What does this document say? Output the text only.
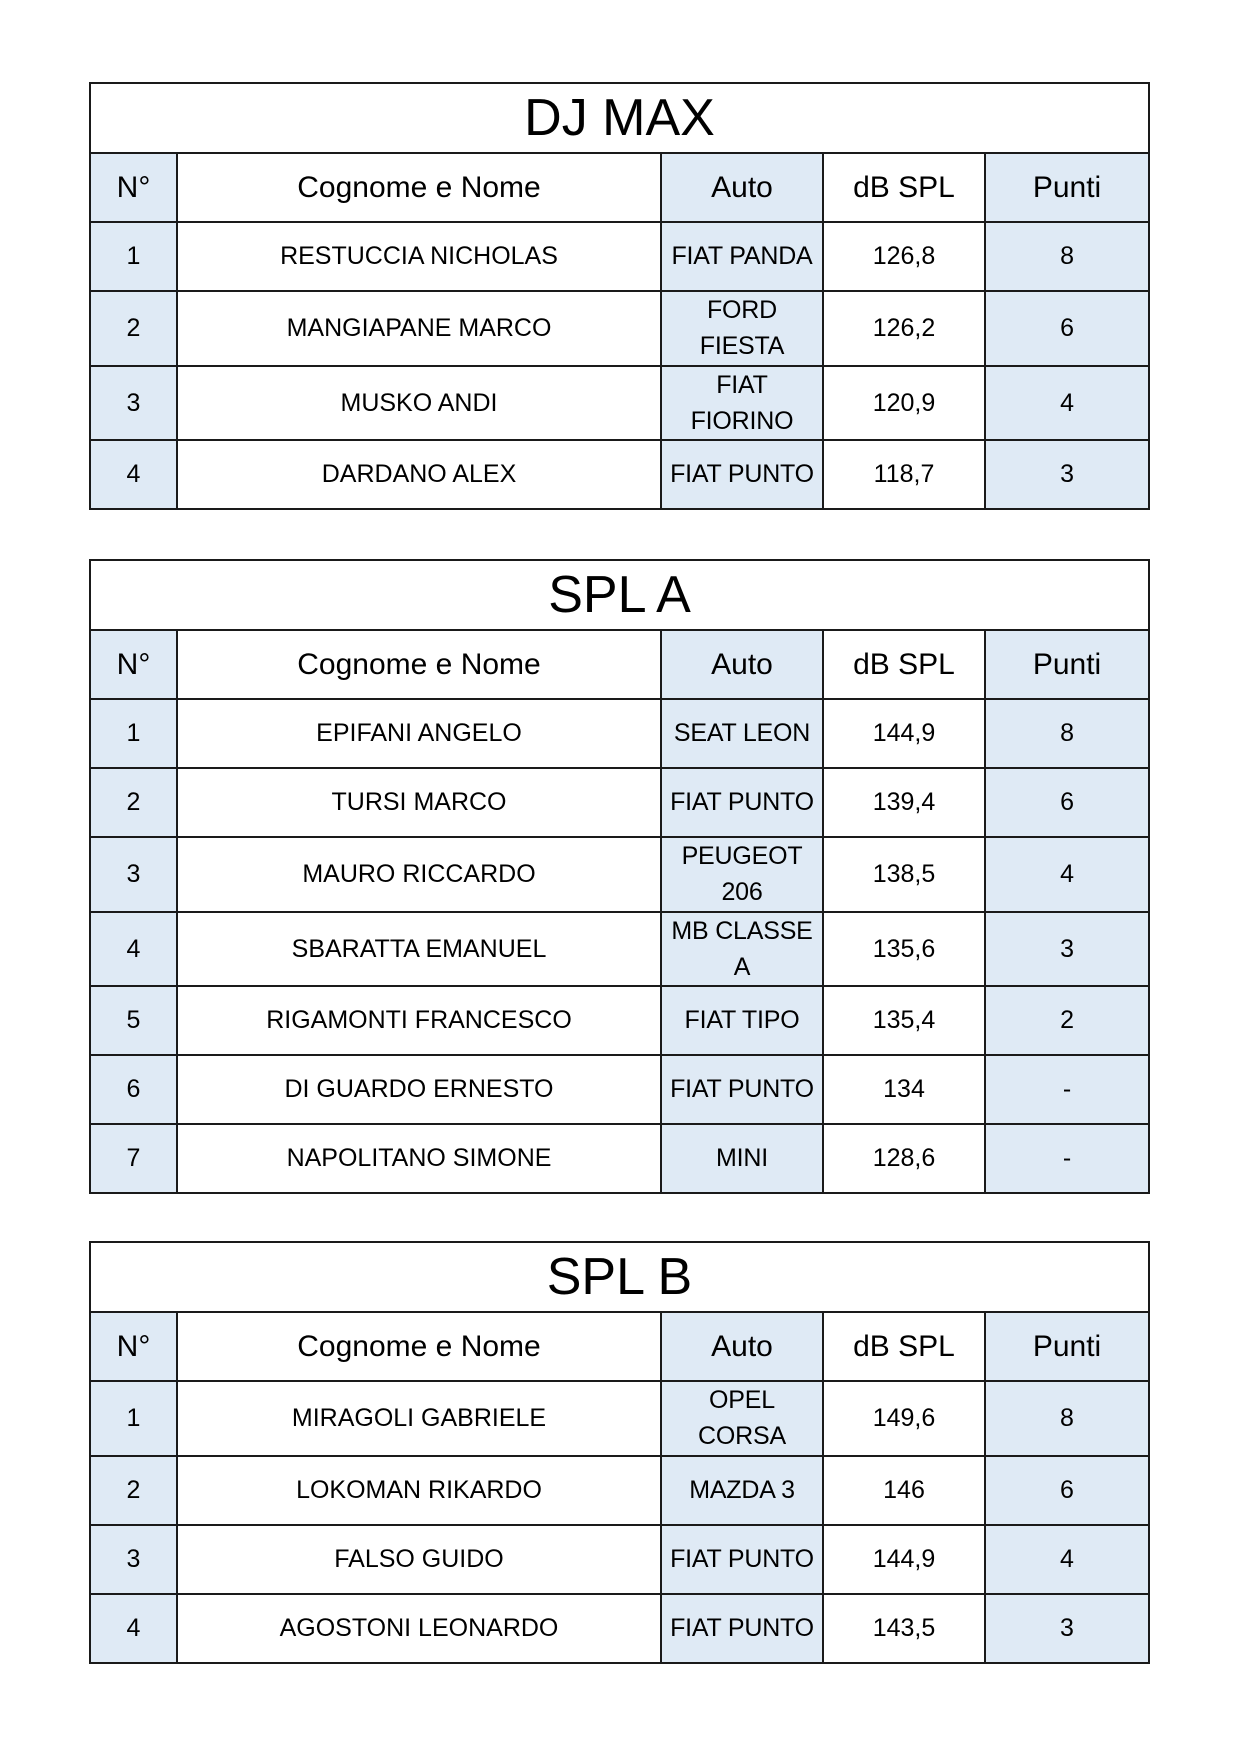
DJ MAX				
N°	Cognome e Nome	Auto	dB SPL	Punti
1	RESTUCCIA NICHOLAS	FIAT PANDA	126,8	8
2	MANGIAPANE MARCO	FORD FIESTA	126,2	6
3	MUSKO ANDI	FIAT FIORINO	120,9	4
4	DARDANO ALEX	FIAT PUNTO	118,7	3
SPL A				
N°	Cognome e Nome	Auto	dB SPL	Punti
1	EPIFANI ANGELO	SEAT LEON	144,9	8
2	TURSI MARCO	FIAT PUNTO	139,4	6
3	MAURO RICCARDO	PEUGEOT 206	138,5	4
4	SBARATTA EMANUEL	MB CLASSE A	135,6	3
5	RIGAMONTI FRANCESCO	FIAT TIPO	135,4	2
6	DI GUARDO ERNESTO	FIAT PUNTO	134	-
7	NAPOLITANO SIMONE	MINI	128,6	-
SPL B				
N°	Cognome e Nome	Auto	dB SPL	Punti
1	MIRAGOLI GABRIELE	OPEL CORSA	149,6	8
2	LOKOMAN RIKARDO	MAZDA 3	146	6
3	FALSO GUIDO	FIAT PUNTO	144,9	4
4	AGOSTONI LEONARDO	FIAT PUNTO	143,5	3
